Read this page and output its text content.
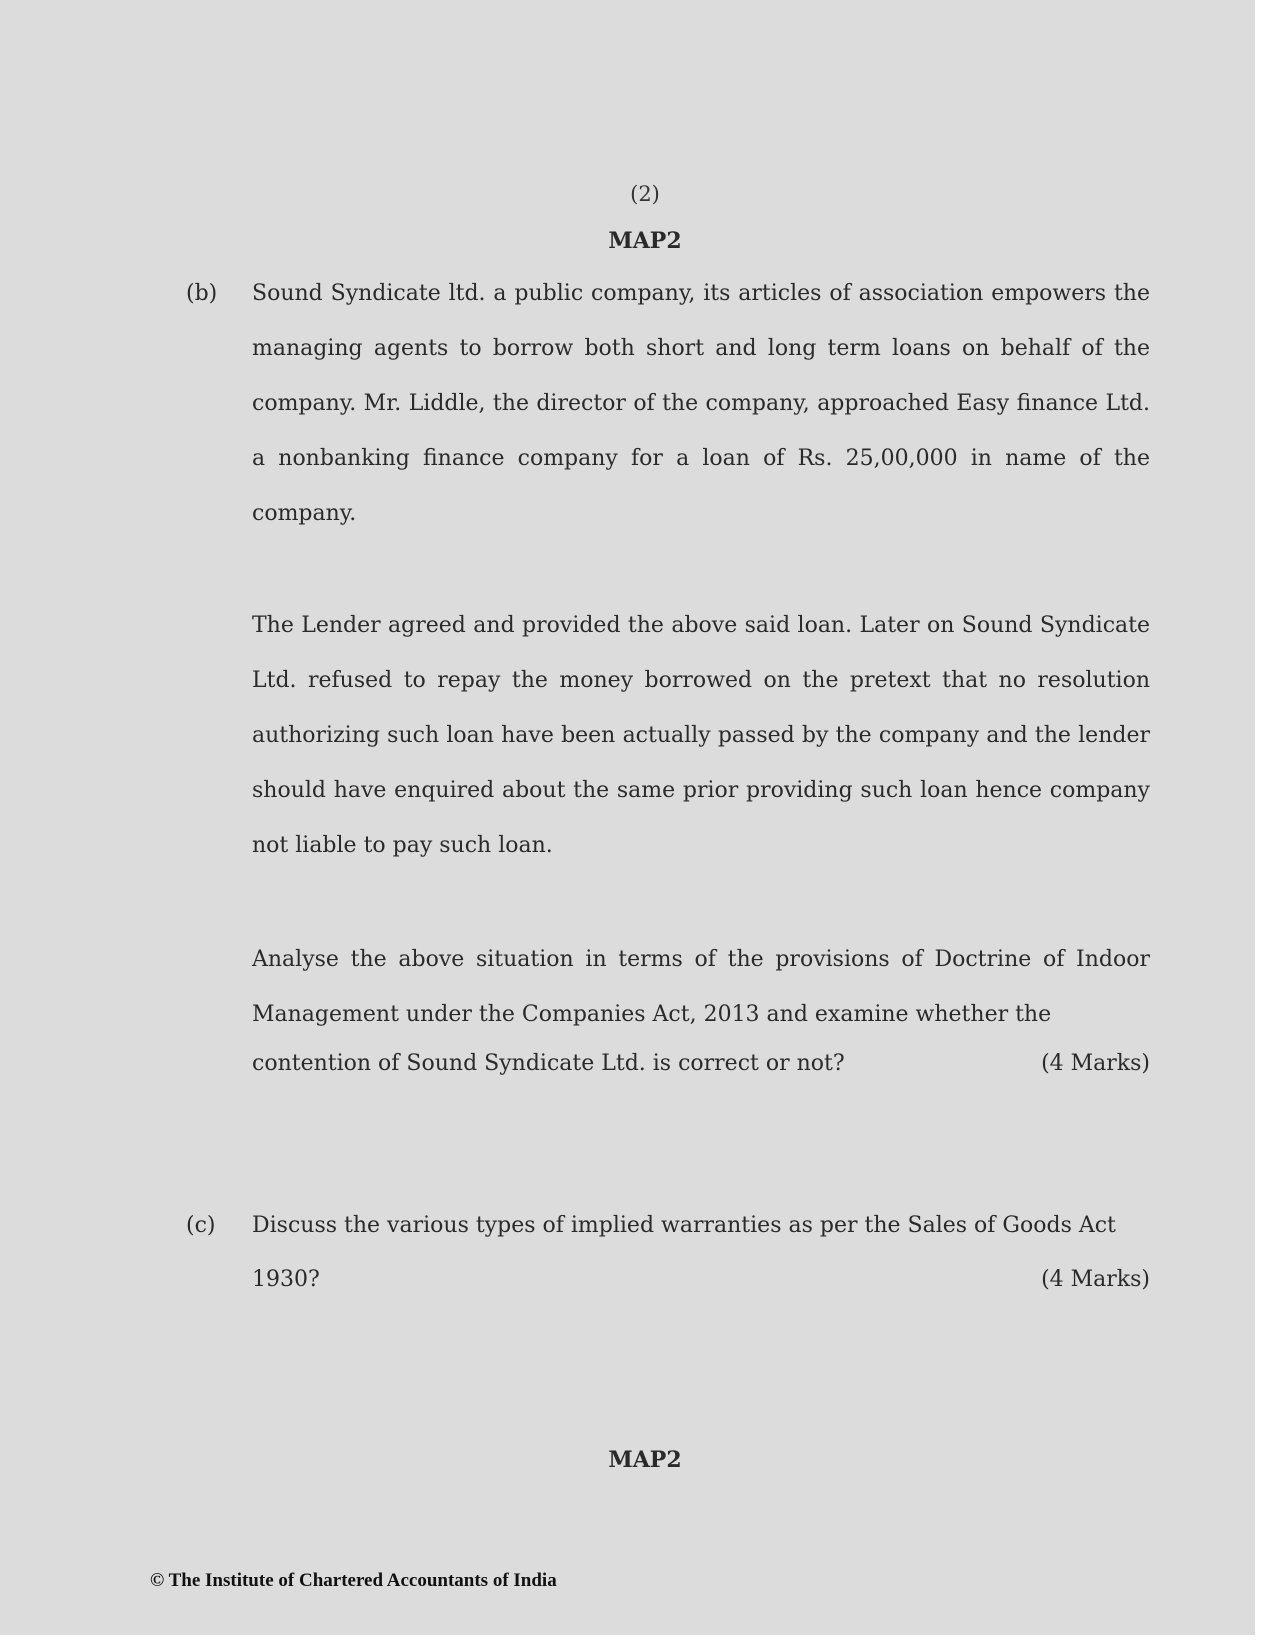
(2)
MAP2
(b) Sound Syndicate ltd. a public company, its articles of association empowers the managing agents to borrow both short and long term loans on behalf of the company. Mr. Liddle, the director of the company, approached Easy finance Ltd. a nonbanking finance company for a loan of Rs. 25,00,000 in name of the company.
The Lender agreed and provided the above said loan. Later on Sound Syndicate Ltd. refused to repay the money borrowed on the pretext that no resolution authorizing such loan have been actually passed by the company and the lender should have enquired about the same prior providing such loan hence company not liable to pay such loan.
Analyse the above situation in terms of the provisions of Doctrine of Indoor Management under the Companies Act, 2013 and examine whether the
contention of Sound Syndicate Ltd. is correct or not?	(4 Marks)
(c) Discuss the various types of implied warranties as per the Sales of Goods Act
1930?	(4 Marks)
MAP2
© The Institute of Chartered Accountants of India
